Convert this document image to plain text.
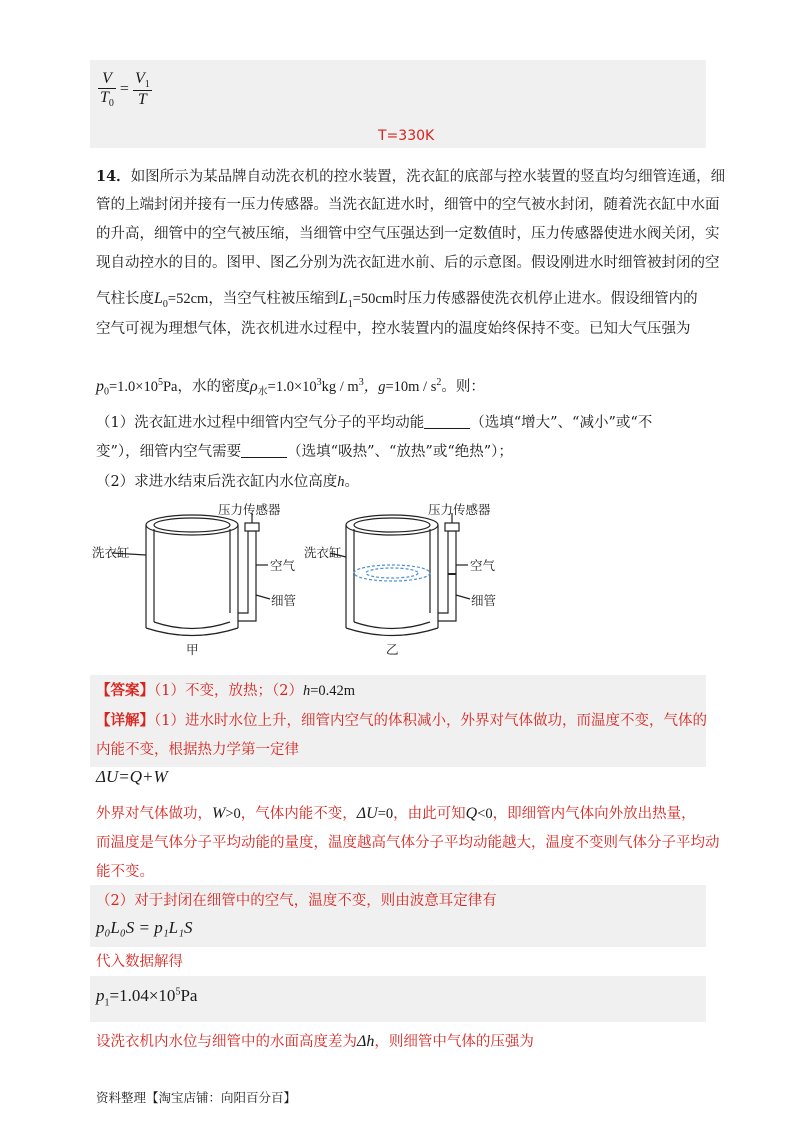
$\frac{V}{T_0} = \frac{V_1}{T}$
T=330K
14．如图所示为某品牌自动洗衣机的控水装置，洗衣缸的底部与控水装置的竖直均匀细管连通，细
管的上端封闭并接有一压力传感器。当洗衣缸进水时，细管中的空气被水封闭，随着洗衣缸中水面
的升高，细管中的空气被压缩，当细管中空气压强达到一定数值时，压力传感器使进水阀关闭，实
现自动控水的目的。图甲、图乙分别为洗衣缸进水前、后的示意图。假设刚进水时细管被封闭的空
气柱长度$L_0=52cm$，当空气柱被压缩到$L_1=50cm$时压力传感器使洗衣机停止进水。假设细管内的
空气可视为理想气体，洗衣机进水过程中，控水装置内的温度始终保持不变。已知大气压强为
$p_0=1.0\times 10^5Pa$，水的密度$\rho_水=1.0\times 10^3kg / m^3$，$g=10m / s^2$。则：
（1）洗衣缸进水过程中细管内空气分子的平均动能	（选填“增大”、“减小”或“不
变”），细管内空气需要	（选填“吸热”、“放热”或“绝热”）；
（2）求进水结束后洗衣缸内水位高度h。
压力传感器
洗衣缸
空气
细管
甲
压力传感器
洗衣缸
空气
细管
乙
【答案】（1）不变，放热；（2）h=0.42m
【详解】（1）进水时水位上升，细管内空气的体积减小，外界对气体做功，而温度不变，气体的
内能不变，根据热力学第一定律
ΔU=Q+W
外界对气体做功，W>0，气体内能不变，ΔU=0，由此可知Q<0，即细管内气体向外放出热量，
而温度是气体分子平均动能的量度，温度越高气体分子平均动能越大，温度不变则气体分子平均动
能不变。
（2）对于封闭在细管中的空气，温度不变，则由波意耳定律有
p₀L₀S = p₁L₁S
代入数据解得
$p_1=1.04\times 10^5Pa$
设洗衣机内水位与细管中的水面高度差为Δh，则细管中气体的压强为
资料整理【淘宝店铺：向阳百分百】
